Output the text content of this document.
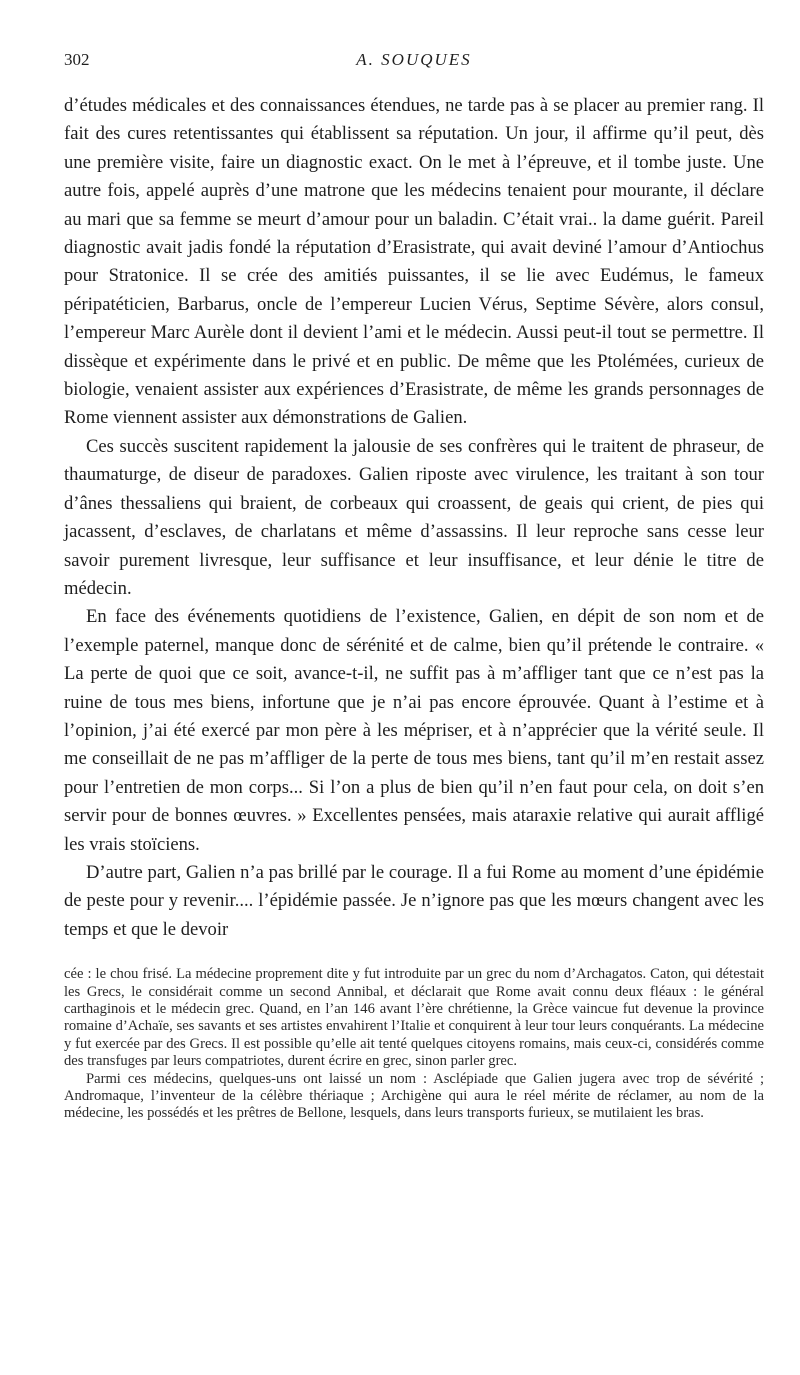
302	A. SOUQUES

d’études médicales et des connaissances étendues, ne tarde pas à se placer au premier rang. Il fait des cures retentissantes qui établissent sa réputation. Un jour, il affirme qu’il peut, dès une première visite, faire un diagnostic exact. On le met à l’épreuve, et il tombe juste. Une autre fois, appelé auprès d’une matrone que les médecins tenaient pour mourante, il déclare au mari que sa femme se meurt d’amour pour un baladin. C’était vrai.. la dame guérit. Pareil diagnostic avait jadis fondé la réputation d’Erasistrate, qui avait deviné l’amour d’Antiochus pour Stratonice. Il se crée des amitiés puissantes, il se lie avec Eudémus, le fameux péripatéticien, Barbarus, oncle de l’empereur Lucien Vérus, Septime Sévère, alors consul, l’empereur Marc Aurèle dont il devient l’ami et le médecin. Aussi peut-il tout se permettre. Il dissèque et expérimente dans le privé et en public. De même que les Ptolémées, curieux de biologie, venaient assister aux expériences d’Erasistrate, de même les grands personnages de Rome viennent assister aux démonstrations de Galien.

Ces succès suscitent rapidement la jalousie de ses confrères qui le traitent de phraseur, de thaumaturge, de diseur de paradoxes. Galien riposte avec virulence, les traitant à son tour d’ânes thessaliens qui braient, de corbeaux qui croassent, de geais qui crient, de pies qui jacassent, d’esclaves, de charlatans et même d’assassins. Il leur reproche sans cesse leur savoir purement livresque, leur suffisance et leur insuffisance, et leur dénie le titre de médecin.

En face des événements quotidiens de l’existence, Galien, en dépit de son nom et de l’exemple paternel, manque donc de sérénité et de calme, bien qu’il prétende le contraire. « La perte de quoi que ce soit, avance-t-il, ne suffit pas à m’affliger tant que ce n’est pas la ruine de tous mes biens, infortune que je n’ai pas encore éprouvée. Quant à l’estime et à l’opinion, j’ai été exercé par mon père à les mépriser, et à n’apprécier que la vérité seule. Il me conseillait de ne pas m’affliger de la perte de tous mes biens, tant qu’il m’en restait assez pour l’entretien de mon corps... Si l’on a plus de bien qu’il n’en faut pour cela, on doit s’en servir pour de bonnes œuvres. » Excellentes pensées, mais ataraxie relative qui aurait affligé les vrais stoïciens.

D’autre part, Galien n’a pas brillé par le courage. Il a fui Rome au moment d’une épidémie de peste pour y revenir.... l’épidémie passée. Je n’ignore pas que les mœurs changent avec les temps et que le devoir

cée : le chou frisé. La médecine proprement dite y fut introduite par un grec du nom d’Archagatos. Caton, qui détestait les Grecs, le considérait comme un second Annibal, et déclarait que Rome avait connu deux fléaux : le général carthaginois et le médecin grec. Quand, en l’an 146 avant l’ère chrétienne, la Grèce vaincue fut devenue la province romaine d’Achaïe, ses savants et ses artistes envahirent l’Italie et conquirent à leur tour leurs conquérants. La médecine y fut exercée par des Grecs. Il est possible qu’elle ait tenté quelques citoyens romains, mais ceux-ci, considérés comme des transfuges par leurs compatriotes, durent écrire en grec, sinon parler grec.

Parmi ces médecins, quelques-uns ont laissé un nom : Asclépiade que Galien jugera avec trop de sévérité ; Andromaque, l’inventeur de la célèbre thériaque ; Archigène qui aura le réel mérite de réclamer, au nom de la médecine, les possédés et les prêtres de Bellone, lesquels, dans leurs transports furieux, se mutilaient les bras.
